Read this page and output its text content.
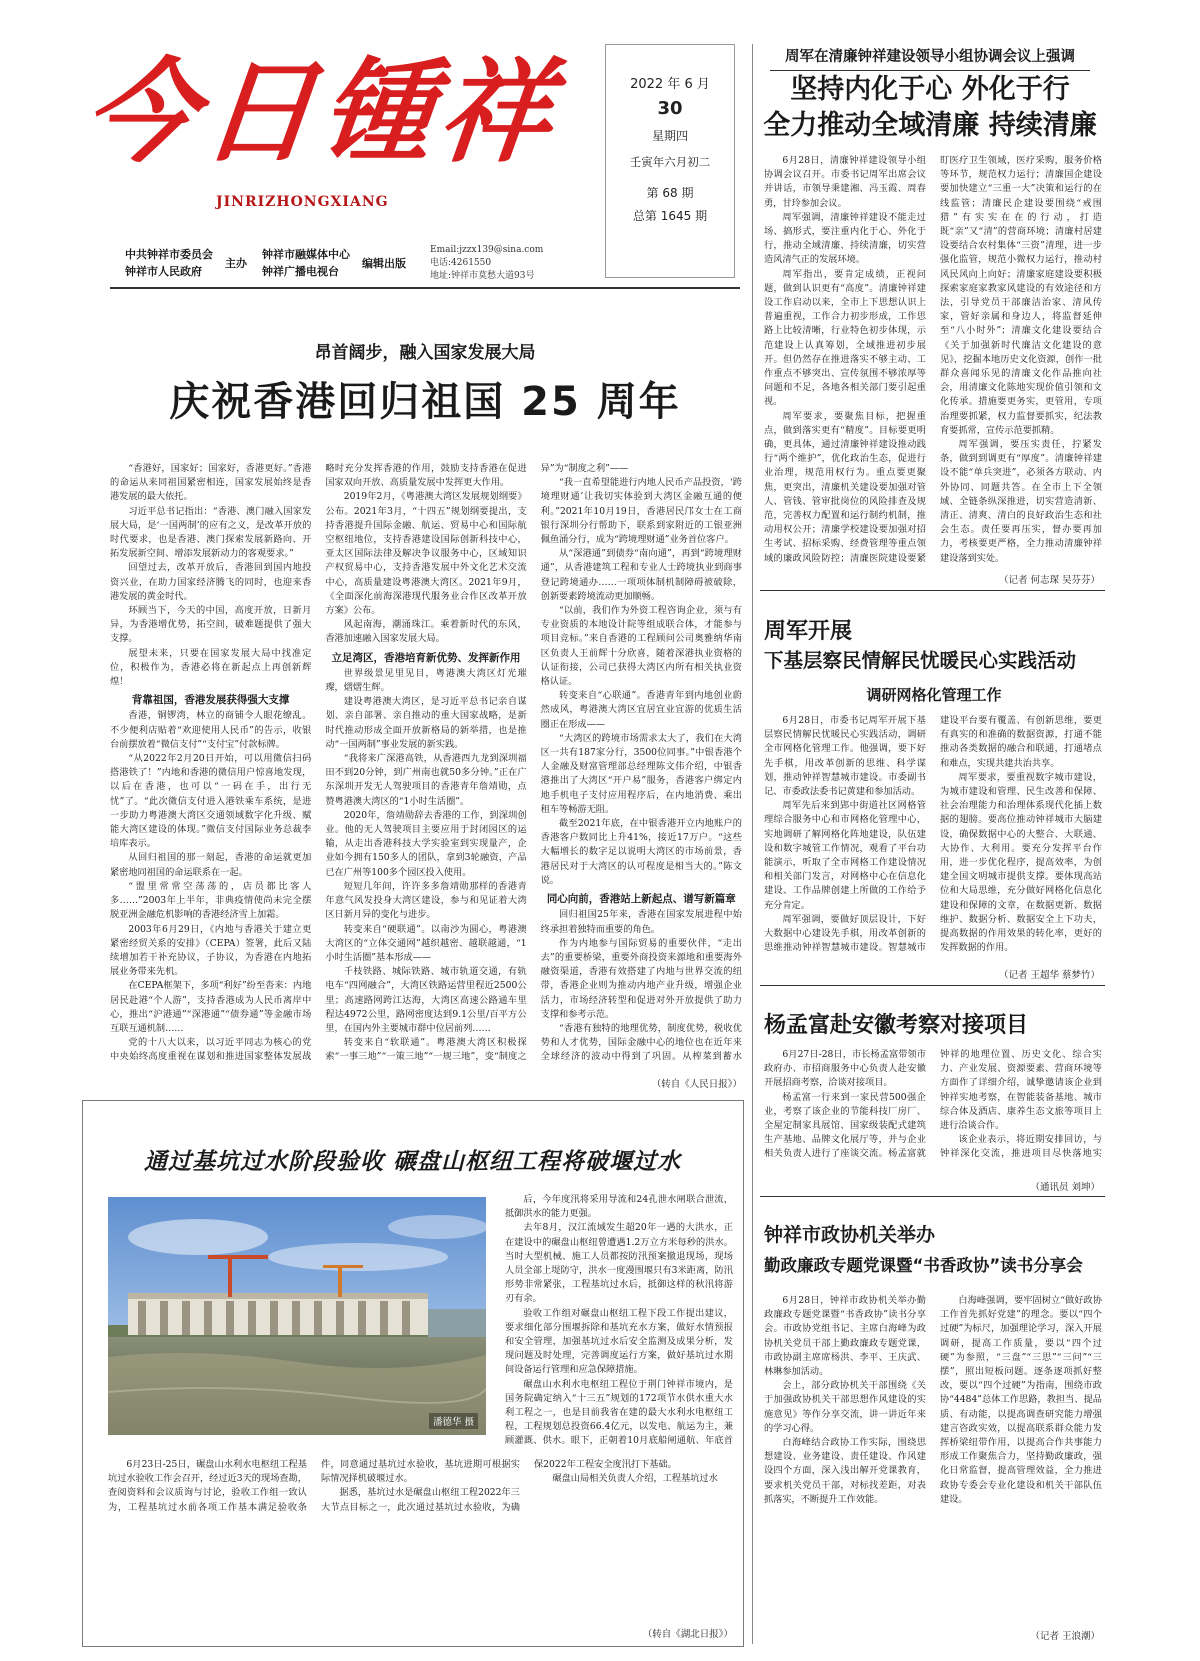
今日锺祥
JINRIZHONGXIANG
中共钟祥市委员会
钟祥市人民政府
主办
钟祥市融媒体中心
钟祥广播电视台
编辑出版
Email:jzzx139@sina.com
电话:4261550
地址:钟祥市莫愁大道93号
2022 年 6 月
30
星期四
壬寅年六月初二
第 68 期
总第 1645 期
昂首阔步，融入国家发展大局
庆祝香港回归祖国 25 周年

“香港好，国家好；国家好，香港更好。”香港的命运从来同祖国紧密相连，国家发展始终是香港发展的最大依托。

习近平总书记指出：“香港、澳门融入国家发展大局，是‘一国两制’的应有之义，是改革开放的时代要求，也是香港、澳门探索发展新路向、开拓发展新空间、增添发展新动力的客观要求。”

回望过去，改革开放后，香港回到国内地投资兴业，在助力国家经济腾飞的同时，也迎来香港发展的黄金时代。

环顾当下，今天的中国，高度开放，日新月异，为香港增优势，拓空间，破难题提供了强大支撑。

展望未来，只要在国家发展大局中找准定位，积极作为，香港必将在新起点上再创新辉煌！

背靠祖国，香港发展获得强大支撑

香港，铜锣湾，林立的商铺令人眼花缭乱。不少便利店贴着“欢迎使用人民币”的告示，收银台前摆放着“微信支付”“支付宝”付款标牌。

“从2022年2月20日开始，可以用微信扫码搭港铁了！”内地和香港的微信用户惊喜地发现，以后在香港，也可以“一码在手，出行无忧”了。“此次微信支付进入港铁乘车系统，是进一步助力粤港澳大湾区交通领域数字化升级、赋能大湾区建设的体现。”微信支付国际业务总裁李培库表示。

从回归祖国的那一刻起，香港的命运就更加紧密地同祖国的命运联系在一起。

“盟里常常空荡荡的，店员都比客人多……”2003年上半年，非典疫情使尚未完全摆脱亚洲金融危机影响的香港经济雪上加霜。

2003年6月29日，《内地与香港关于建立更紧密经贸关系的安排》（CEPA）签署，此后又陆续增加若干补充协议，子协议，为香港在内地拓展业务带来先机。

在CEPA框架下，多项“利好”纷至沓来：内地居民赴港“个人游”，支持香港成为人民币离岸中心，推出“沪港通”“深港通”“债券通”等金融市场互联互通机制……

党的十八大以来，以习近平同志为核心的党中央始终高度重视在谋划和推进国家整体发展战略时充分发挥香港的作用，鼓励支持香港在促进国家双向开放、高质量发展中发挥更大作用。

2019年2月，《粤港澳大湾区发展规划纲要》公布。2021年3月，“十四五”规划纲要提出，支持香港提升国际金融、航运、贸易中心和国际航空枢纽地位，支持香港建设国际创新科技中心，亚太区国际法律及解决争议服务中心，区域知识产权贸易中心，支持香港发展中外文化艺术交流中心，高质量建设粤港澳大湾区。2021年9月，《全面深化前海深港现代服务业合作区改革开放方案》公布。

风起南海，潮涌珠江。乘着新时代的东风，香港加速融入国家发展大局。

立足湾区，香港培育新优势、发挥新作用

世界级景见里见目，粤港澳大湾区灯光璀璨，熠熠生辉。

建设粤港澳大湾区，是习近平总书记亲自谋划、亲自部署、亲自推动的重大国家战略，是新时代推动形成全面开放新格局的新举措，也是推动“一国两制”事业发展的新实践。

“我将来广深港高铁，从香港西九龙到深圳福田不到20分钟，到广州南也就50多分钟。”正在广东深圳开发无人驾驶项目的香港青年詹靖勋，点赞粤港澳大湾区的“1小时生活圈”。

2020年，詹靖勋辞去香港的工作，到深圳创业。他的无人驾驶项目主要应用于封闭园区的运输，从走出香港科技大学实验室到实现量产，企业如今拥有150多人的团队，拿到3轮融资，产品已在广州等100多个园区投入使用。

短短几年间，许许多多詹靖勋那样的香港青年意气风发投身大湾区建设，参与和见证着大湾区日新月异的变化与进步。

转变来自“硬联通”。以南沙为圆心，粤港澳大湾区的“立体交通网”越织越密、越联越通，“1小时生活圈”基本形成——

千枝铁路、城际铁路、城市轨道交通，有轨电车“四网融合”，大湾区铁路运营里程近2500公里；高速路网跨江达海，大湾区高速公路通车里程达4972公里，路网密度达到9.1公里/百平方公里，在国内外主要城市群中位居前列……

转变来自“软联通”。粤港澳大湾区积极探索“一事三地”“一策三地”“一规三地”，变“制度之异”为“制度之利”——

“我一直希望能进行内地人民币产品投资，‘跨境理财通’让我切实体验到大湾区金融互通的便利。”2021年10月19日，香港居民邝女士在工商银行深圳分行帮助下，联系到家附近的工银亚洲佩鱼涌分行，成为“跨境理财通”业务首位客户。

从“深港通”到债券“南向通”，再到“跨境理财通”，从香港建筑工程和专业人士跨境执业到商事登记跨境通办……一项项体制机制障碍被破除，创新要素跨境流动更加顺畅。

“以前，我们作为外资工程咨询企业，须与有专业资质的本地设计院等组成联合体，才能参与项目竞标。”来自香港的工程顾问公司奥雅纳华南区负责人王前辉十分欣喜，随着深港执业资格的认证衔接，公司已获得大湾区内所有相关执业资格认证。

转变来自“心联通”。香港青年到内地创业蔚然成风，粤港澳大湾区宜居宜业宜游的优质生活圈正在形成——

“大湾区的跨境市场需求太大了，我们在大湾区一共有187家分行，3500位同事。”中银香港个人金融及财富管理部总经理陈文伟介绍，中银香港推出了大湾区“开户易”服务，香港客户绑定内地手机电子支付应用程序后，在内地消费、乘出租车等畅游无阻。

截至2021年底，在中银香港开立内地账户的香港客户数同比上升41%，接近17万户。“这些大幅增长的数字足以说明大湾区的市场前景，香港居民对于大湾区的认可程度是相当大的。”陈文说。

同心向前，香港站上新起点、谱写新篇章

回归祖国25年来，香港在国家发展进程中始终承担着独特而重要的角色。

作为内地参与国际贸易的重要伙伴，“走出去”的重要桥梁，重要外商投资来源地和重要海外融资渠道，香港有效搭建了内地与世界交流的纽带，香港企业则为推动内地产业升级，增强企业活力，市场经济转型和促进对外开放提供了助力支撑和参考示范。

“香港有独特的地理优势，制度优势，税收优势和人才优势，国际金融中心的地位也在近年来全球经济的波动中得到了巩固。从榨菜到蓄水

（转自《人民日报》）
通过基坑过水阶段验收 碾盘山枢纽工程将破堰过水
潘德华 摄

后，今年度汛将采用导流和24孔泄水闸联合泄流，抵御洪水的能力更强。

去年8月，汉江流域发生超20年一遇的大洪水，正在建设中的碾盘山枢纽曾遭遇1.2万立方米每秒的洪水。当时大型机械、施工人员都按防汛预案撤退现场，现场人员全部上堤防守，洪水一度漫围堰只有3米距离，防汛形势非常紧张，工程基坑过水后，抵御这样的秋汛将游刃有余。

验收工作组对碾盘山枢纽工程下段工作提出建议，要求细化部分围堰拆除和基坑充水方案，做好水情预报和安全管理，加强基坑过水后安全监测及成果分析，发现问题及时处理，完善调度运行方案，做好基坑过水期间设备运行管理和应急保障措施。

碾盘山水利水电枢纽工程位于荆门钟祥市境内，是国务院确定纳入“十三五”规划的172项节水供水重大水利工程之一，也是目前我省在建的最大水利水电枢纽工程，工程规划总投资66.4亿元，以发电、航运为主，兼顾灌溉、供水。眼下，正朝着10月底船闸通航、年底首

6月23日-25日，碾盘山水利水电枢纽工程基坑过水验收工作会召开，经过近3天的现场查勘，查阅资料和会议质询与讨论，验收工作组一致认为，工程基坑过水前各项工作基本满足验收条件，同意通过基坑过水验收，基坑进期可根据实际情况择机破堰过水。

据悉，基坑过水是碾盘山枢纽工程2022年三大节点目标之一，此次通过基坑过水验收，为确保2022年工程安全度汛打下基础。

碾盘山局相关负责人介绍，工程基坑过水

（转自《湖北日报》）
周军在清廉钟祥建设领导小组协调会议上强调
坚持内化于心 外化于行
全力推动全域清廉 持续清廉

6月28日，清廉钟祥建设领导小组协调会议召开。市委书记周军出席会议并讲话，市领导秉建湘、冯玉霞、周春勇，甘玲参加会议。

周军强调，清廉钟祥建设不能走过场、搞形式，要注重内化于心、外化于行，推动全域清廉、持续清廉，切实营造风清气正的发展环境。

周军指出，要肯定成绩，正视问题，做到认识更有“高度”。清廉钟祥建设工作启动以来，全市上下思想认识上普遍重视，工作合力初步形成，工作思路上比较清晰，行业特色初步体现，示范建设上认真筹划，全域推进初步展开。但仍然存在推进落实不够主动、工作重点不够突出、宣传氛围不够浓厚等问题和不足，各地各相关部门要引起重视。

周军要求，要聚焦目标，把握重点，做到落实更有“精度”。目标要更明确，更具体，通过清廉钟祥建设推动践行“两个维护”，优化政治生态，促进行业治理，规范用权行为。重点要更聚焦，更突出，清廉机关建设要加强对管人、管钱、管审批岗位的风险排查及规范，完善权力配置和运行制约机制，推动用权公开；清廉学校建设要加强对招生考试、招标采购、经费管理等重点领域的廉政风险防控；清廉医院建设要紧盯医疗卫生领域，医疗采购，服务价格等环节，规范权力运行；清廉国企建设要加快建立“三重一大”决策和运行的在线监管；清廉民企建设要围绕“戒围猎”有实实在在的行动，打造既“亲”又“清”的营商环境；清廉村居建设要结合农村集体“三资”清理，进一步强化监管，规范小微权力运行，推动村风民风向上向好；清廉家庭建设要积极探索家庭家教家风建设的有效途径和方法，引导党员干部廉洁治家、清风传家，管好亲属和身边人，将监督延伸至“八小时外”；清廉文化建设要结合《关于加强新时代廉洁文化建设的意见》，挖掘本地历史文化资源，创作一批群众喜闻乐见的清廉文化作品推向社会，用清廉文化陈地实现价值引领和文化传承。措施要更务实，更管用，专项治理要抓紧，权力监督要抓实，纪法教育要抓常，宣传示范要抓精。

周军强调，要压实责任，拧紧发条，做到到调更有“厚度”。清廉钟祥建设不能“单兵突进”，必须各方联动、内外协同、同题共答。在全市上下全领域、全链条纵深推进，切实营造清新、清正、清爽、清白的良好政治生态和社会生态。责任要再压实，督办要再加力，考核要更严格，全力推动清廉钟祥建设落到实处。

（记者 何志琛 吴芬芬）
周军开展
下基层察民情解民忧暖民心实践活动
调研网格化管理工作

6月28日，市委书记周军开展下基层察民情解民忧暖民心实践活动，调研全市网格化管理工作。他强调，要下好先手棋，用改革创新的思维、科学谋划，推动钟祥智慧城市建设。市委副书记、市委政法委书记黄建和参加活动。

周军先后来到郢中街道社区网格管理综合服务中心和市网格化管理中心，实地调研了解网格化阵地建设，队伍建设和数字城管工作情况，观看了平台功能演示，听取了全市网格工作建设情况和相关部门发言，对网格中心在信息化建设、工作品牌创建上所做的工作给予充分肯定。

周军强调，要做好顶层设计，下好大数据中心建设先手棋，用改革创新的思维推动钟祥智慧城市建设。智慧城市建设平台要有覆盖、有创新思维，要更有真实的和准确的数据资源，打通不能推动各类数据的融合和联通，打通堵点和难点，实现共建共治共享。

周军要求，要重视数字城市建设，为城市建设和管理、民生改善和保障、社会治理能力和治理体系现代化插上数据的翅膀。要高位推动钟祥城市大脑建设，确保数据中心的大整合、大联通、大协作、大利用。要充分发挥平台作用，进一步优化程序，提高效率，为创建全国文明城市提供支撑。要体现高站位和大局思维，充分做好网格化信息化建设和保障的文章，在数据更新、数据维护、数据分析、数据安全上下功夫，提高数据的作用效果的转化率，更好的发挥数据的作用。

（记者 王超华 蔡梦竹）
杨孟富赴安徽考察对接项目

6月27日-28日，市长杨孟富带领市政府办、市招商服务中心负责人赴安徽开展招商考察，洽谈对接项目。

杨孟富一行来到一家民营500强企业，考察了该企业的节能科技厂房厂、全屋定制家具展馆、国家级装配式建筑生产基地、品牌文化展厅等，并与企业相关负责人进行了座谈交流。杨孟富就钟祥的地理位置、历史文化、综合实力、产业发展、资源要素、营商环境等方面作了详细介绍，诚挚邀请该企业到钟祥实地考察，在智能装备基地、城市综合体及酒店、康养生态文旅等项目上进行洽谈合作。

该企业表示，将近期安排回访，与钟祥深化交流，推进项目尽快落地实

（通讯员 刘坤）
钟祥市政协机关举办
勤政廉政专题党课暨“书香政协”读书分享会

6月28日，钟祥市政协机关举办勤政廉政专题党课暨“书香政协”读书分享会。市政协党组书记、主席白海峰为政协机关党员干部上勤政廉政专题党课，市政协副主席席杨洪、李平、王庆武、林琳参加活动。

会上，部分政协机关干部围绕《关于加强政协机关干部思想作风建设的实施意见》等作分享交流，讲一讲近年来的学习心得。

白海峰结合政协工作实际，围绕思想建设、业务建设、责任建设、作风建设四个方面，深入浅出解开党课教育，要求机关党员干部，对标找差距，对表抓落实，不断提升工作效能。

白海峰强调，要牢固树立“做好政协工作首先抓好党建”的理念。要以“四个过硬”为标尺，加强理论学习，深入开展调研，提高工作质量，要以“四个过硬”为参照，“三盘”“三思”“三问”“三摆”，照出短板问题。逐条逐项抓好整改，要以“四个过硬”为指南，围绕市政协“4484”总体工作思路，教担当、提品质、有动能，以提高调查研究能力增强建言咨政实效，以提高联系群众能力发挥桥梁纽带作用，以提高合作共事能力形成工作聚焦合力，坚持勤政廉政，强化日常监督，提高管理效益，全力推进政协专委会专业化建设和机关干部队伍建设。

（记者 王浪潮）
